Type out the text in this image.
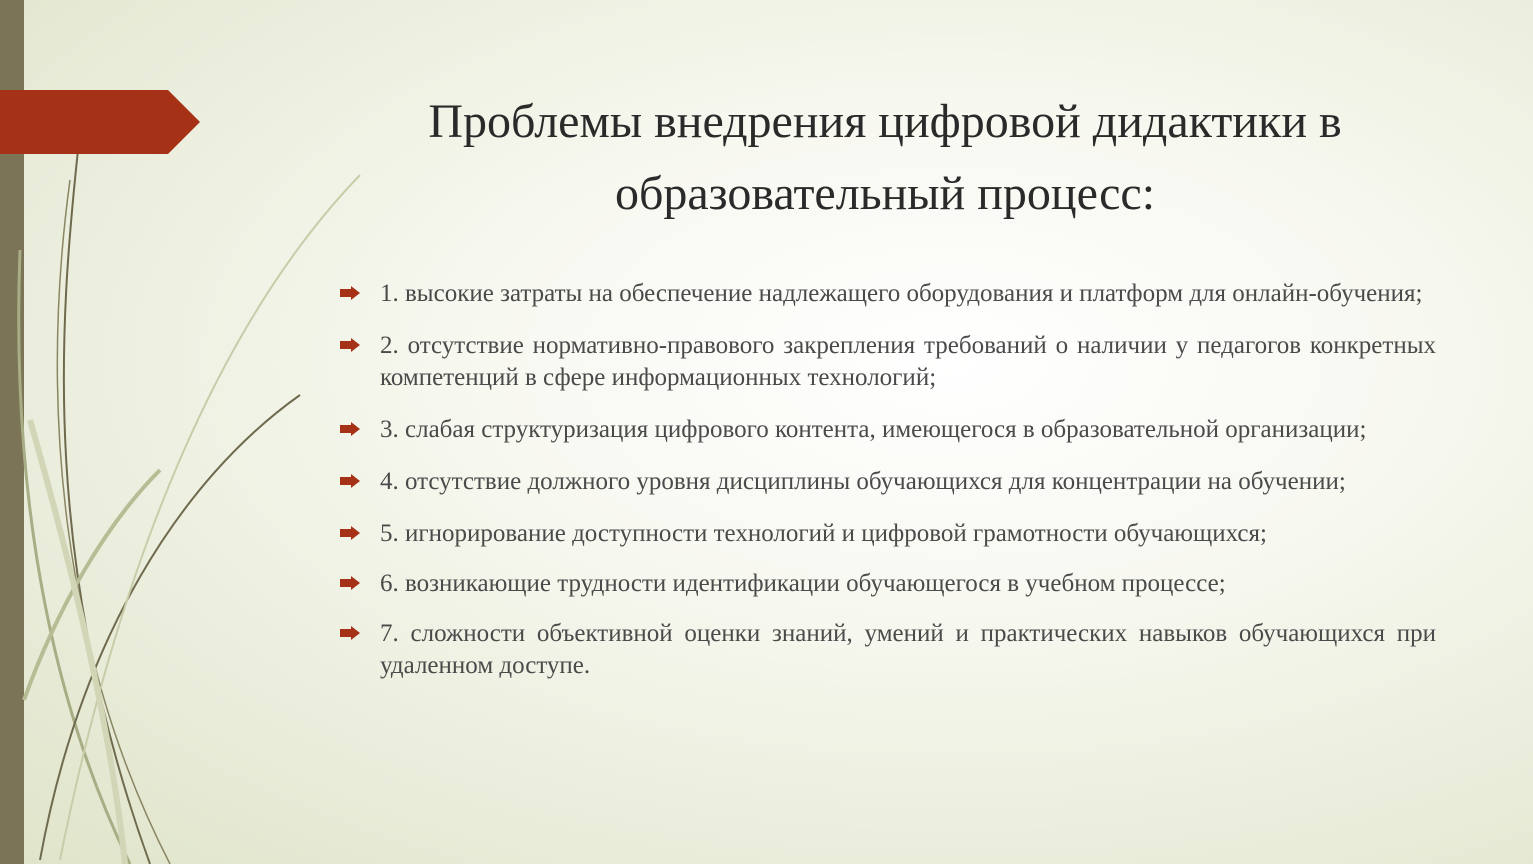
Проблемы внедрения цифровой дидактики в образовательный процесс:
1. высокие затраты на обеспечение надлежащего оборудования и платформ для онлайн-обучения;
2. отсутствие нормативно-правового закрепления требований о наличии у педагогов конкретных компетенций в сфере информационных технологий;
3. слабая структуризация цифрового контента, имеющегося в образовательной организации;
4. отсутствие должного уровня дисциплины обучающихся для концентрации на обучении;
5. игнорирование доступности технологий и цифровой грамотности обучающихся;
6. возникающие трудности идентификации обучающегося в учебном процессе;
7. сложности объективной оценки знаний, умений и практических навыков обучающихся при удаленном доступе.
